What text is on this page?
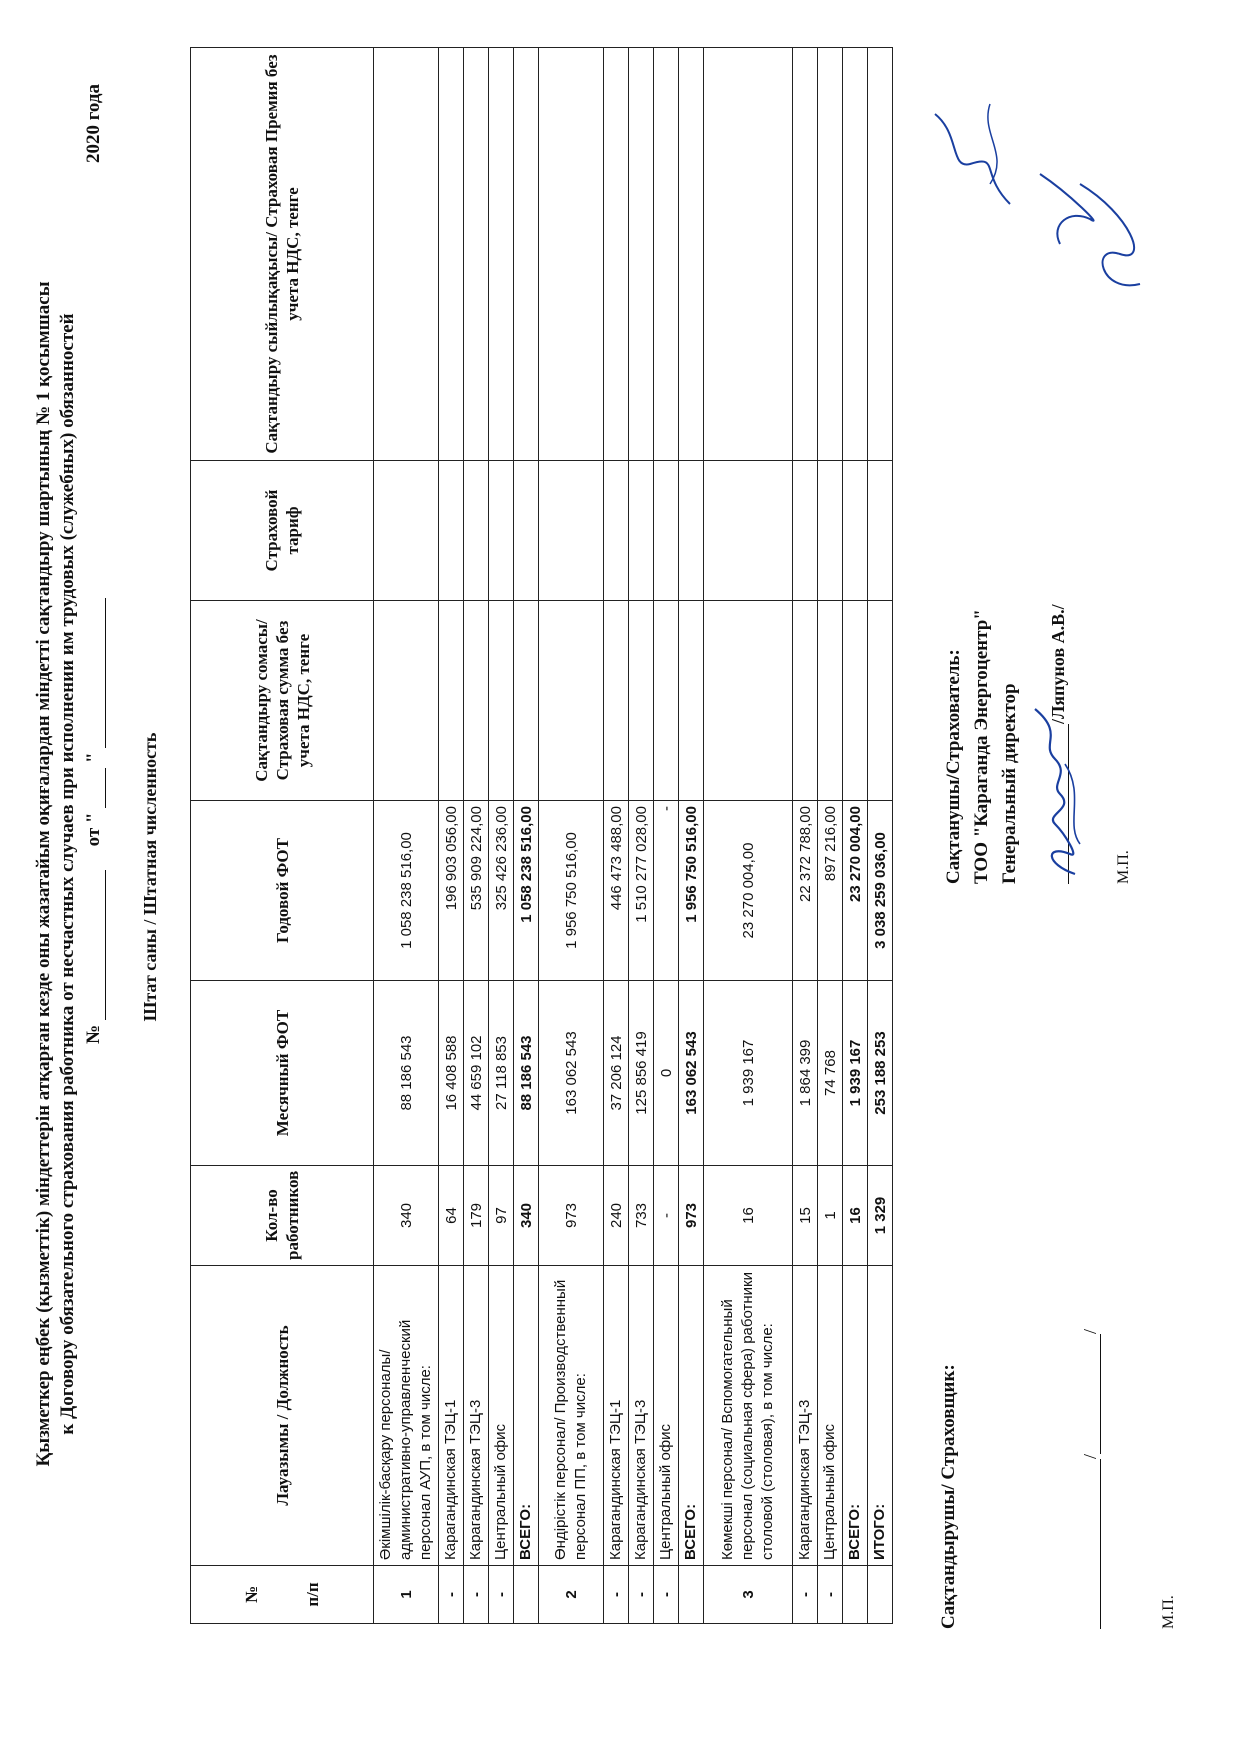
Қызметкер еңбек (қызметтік) міндеттерін атқарған кезде оны жазатайым оқиғалардан міндетті сақтандыру шартының № 1 қосымшасы к Договору обязательного страхования работника от несчастных случаев при исполнении им трудовых (служебных) обязанностей №      от "  "
2020 года
Штат саны / Штатная численность
№ п/п	Лауазымы / Должность	Кол-во работников	Месячный ФОТ	Годовой ФОТ	Сақтандыру сомасы/ Страховая сумма без учета НДС, тенге	Страховой тариф	Сақтандыру сыйлықақысы/ Страховая Премия без учета НДС, тенге
1	Әкімшілік-басқару персоналы/ административно-управленческий персонал АУП, в том числе:	340	88 186 543	1 058 238 516,00			
-	Карагандинская ТЭЦ-1	64	16 408 588	196 903 056,00			
-	Карагандинская ТЭЦ-3	179	44 659 102	535 909 224,00			
-	Центральный офис	97	27 118 853	325 426 236,00			
	ВСЕГО:	340	88 186 543	1 058 238 516,00			
2	Өндірістік персонал/ Производственный персонал ПП, в том числе:	973	163 062 543	1 956 750 516,00			
-	Карагандинская ТЭЦ-1	240	37 206 124	446 473 488,00			
-	Карагандинская ТЭЦ-3	733	125 856 419	1 510 277 028,00			
-	Центральный офис	-	0	-			
	ВСЕГО:	973	163 062 543	1 956 750 516,00			
3	Көмекші персонал/ Вспомогательный персонал (социальная сфера) работники столовой (столовая), в том числе:	16	1 939 167	23 270 004,00			
-	Карагандинская ТЭЦ-3	15	1 864 399	22 372 788,00			
-	Центральный офис	1	74 768	897 216,00			
	ВСЕГО:	16	1 939 167	23 270 004,00			
	ИТОГО:	1 329	253 188 253	3 038 259 036,00			
Сақтандырушы/ Страховщик:	//
М.П.
Сақтанушы/Страхователь: ТОО "Караганда Энергоцентр" Генеральный директор
/Ляпунов А.В./
М.П.
